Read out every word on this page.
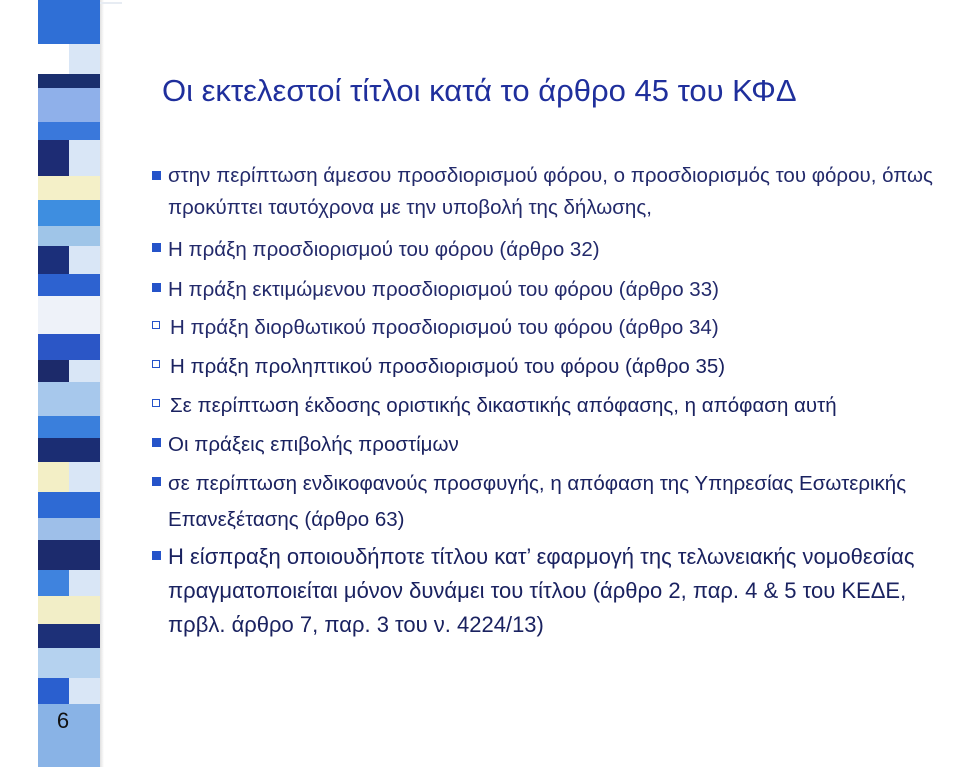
6
Οι εκτελεστοί τίτλοι κατά το άρθρο 45 του ΚΦΔ
στην περίπτωση άμεσου προσδιορισμού φόρου, ο προσδιορισμός του φόρου, όπως προκύπτει ταυτόχρονα με την υποβολή της δήλωσης,
Η πράξη προσδιορισμού του φόρου (άρθρο 32)
Η πράξη εκτιμώμενου προσδιορισμού του φόρου (άρθρο 33)
Η πράξη διορθωτικού προσδιορισμού του φόρου (άρθρο 34)
Η πράξη προληπτικού προσδιορισμού του φόρου (άρθρο 35)
Σε περίπτωση έκδοσης οριστικής δικαστικής απόφασης, η απόφαση αυτή
Οι πράξεις επιβολής προστίμων
σε περίπτωση ενδικοφανούς προσφυγής, η απόφαση της Υπηρεσίας Εσωτερικής Επανεξέτασης (άρθρο 63)
Η είσπραξη οποιουδήποτε τίτλου κατ’ εφαρμογή της τελωνειακής νομοθεσίας πραγματοποιείται μόνον δυνάμει του τίτλου (άρθρο 2, παρ. 4 & 5 του ΚΕΔΕ, πρβλ. άρθρο 7, παρ. 3 του ν. 4224/13)
